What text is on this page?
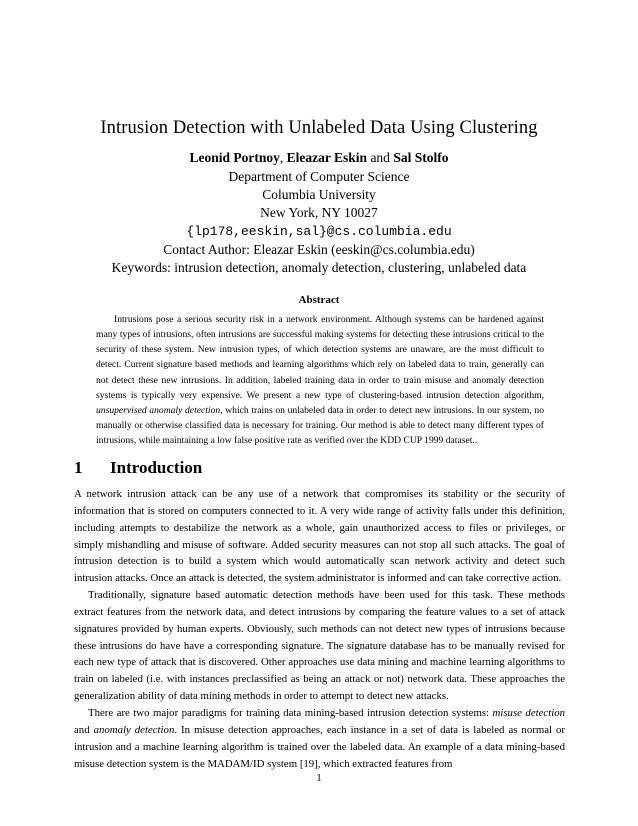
Intrusion Detection with Unlabeled Data Using Clustering
Leonid Portnoy, Eleazar Eskin and Sal Stolfo
Department of Computer Science
Columbia University
New York, NY 10027
{lp178,eeskin,sal}@cs.columbia.edu
Contact Author: Eleazar Eskin (eeskin@cs.columbia.edu)
Keywords: intrusion detection, anomaly detection, clustering, unlabeled data
Abstract
Intrusions pose a serious security risk in a network environment. Although systems can be hardened against many types of intrusions, often intrusions are successful making systems for detecting these intrusions critical to the security of these system. New intrusion types, of which detection systems are unaware, are the most difficult to detect. Current signature based methods and learning algorithms which rely on labeled data to train, generally can not detect these new intrusions. In addition, labeled training data in order to train misuse and anomaly detection systems is typically very expensive. We present a new type of clustering-based intrusion detection algorithm, unsupervised anomaly detection, which trains on unlabeled data in order to detect new intrusions. In our system, no manually or otherwise classified data is necessary for training. Our method is able to detect many different types of intrusions, while maintaining a low false positive rate as verified over the KDD CUP 1999 dataset..
1 Introduction

A network intrusion attack can be any use of a network that compromises its stability or the security of information that is stored on computers connected to it. A very wide range of activity falls under this definition, including attempts to destabilize the network as a whole, gain unauthorized access to files or privileges, or simply mishandling and misuse of software. Added security measures can not stop all such attacks. The goal of intrusion detection is to build a system which would automatically scan network activity and detect such intrusion attacks. Once an attack is detected, the system administrator is informed and can take corrective action.

Traditionally, signature based automatic detection methods have been used for this task. These methods extract features from the network data, and detect intrusions by comparing the feature values to a set of attack signatures provided by human experts. Obviously, such methods can not detect new types of intrusions because these intrusions do have have a corresponding signature. The signature database has to be manually revised for each new type of attack that is discovered. Other approaches use data mining and machine learning algorithms to train on labeled (i.e. with instances preclassified as being an attack or not) network data. These approaches the generalization ability of data mining methods in order to attempt to detect new attacks.

There are two major paradigms for training data mining-based intrusion detection systems: misuse detection and anomaly detection. In misuse detection approaches, each instance in a set of data is labeled as normal or intrusion and a machine learning algorithm is trained over the labeled data. An example of a data mining-based misuse detection system is the MADAM/ID system [19], which extracted features from

1
